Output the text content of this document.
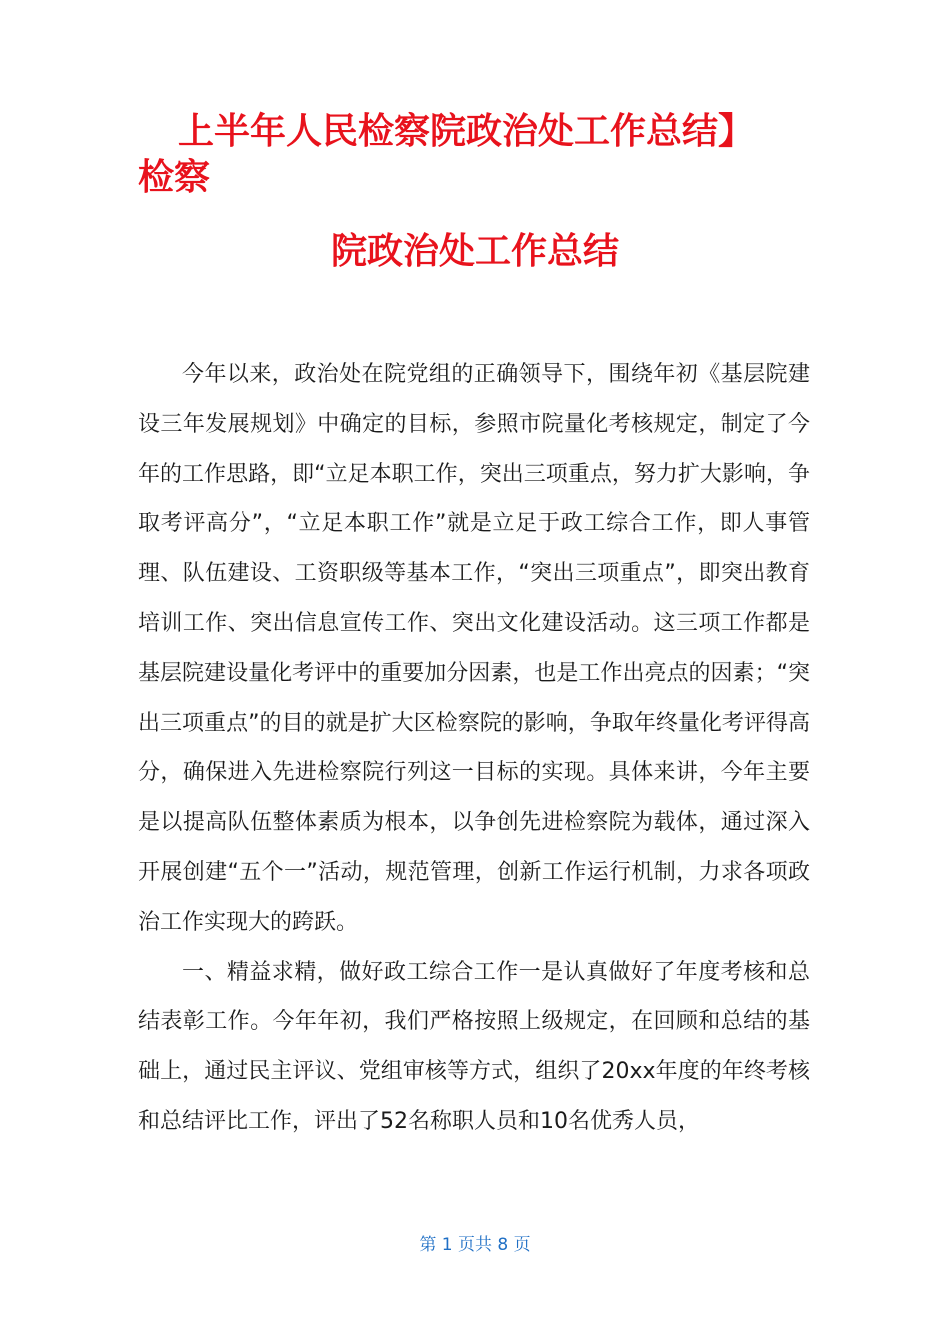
上半年人民检察院政治处工作总结】
检察
院政治处工作总结

今年以来，政治处在院党组的正确领导下，围绕年初《基层院建设三年发展规划》中确定的目标，参照市院量化考核规定，制定了今年的工作思路，即“立足本职工作，突出三项重点，努力扩大影响，争取考评高分”，“立足本职工作”就是立足于政工综合工作，即人事管理、队伍建设、工资职级等基本工作，“突出三项重点”，即突出教育培训工作、突出信息宣传工作、突出文化建设活动。这三项工作都是基层院建设量化考评中的重要加分因素，也是工作出亮点的因素；“突出三项重点”的目的就是扩大区检察院的影响，争取年终量化考评得高分，确保进入先进检察院行列这一目标的实现。具体来讲，今年主要是以提高队伍整体素质为根本，以争创先进检察院为载体，通过深入开展创建“五个一”活动，规范管理，创新工作运行机制，力求各项政治工作实现大的跨跃。

一、精益求精，做好政工综合工作一是认真做好了年度考核和总结表彰工作。今年年初，我们严格按照上级规定，在回顾和总结的基础上，通过民主评议、党组审核等方式，组织了20xx年度的年终考核和总结评比工作，评出了52名称职人员和10名优秀人员，

第 1 页共 8 页
